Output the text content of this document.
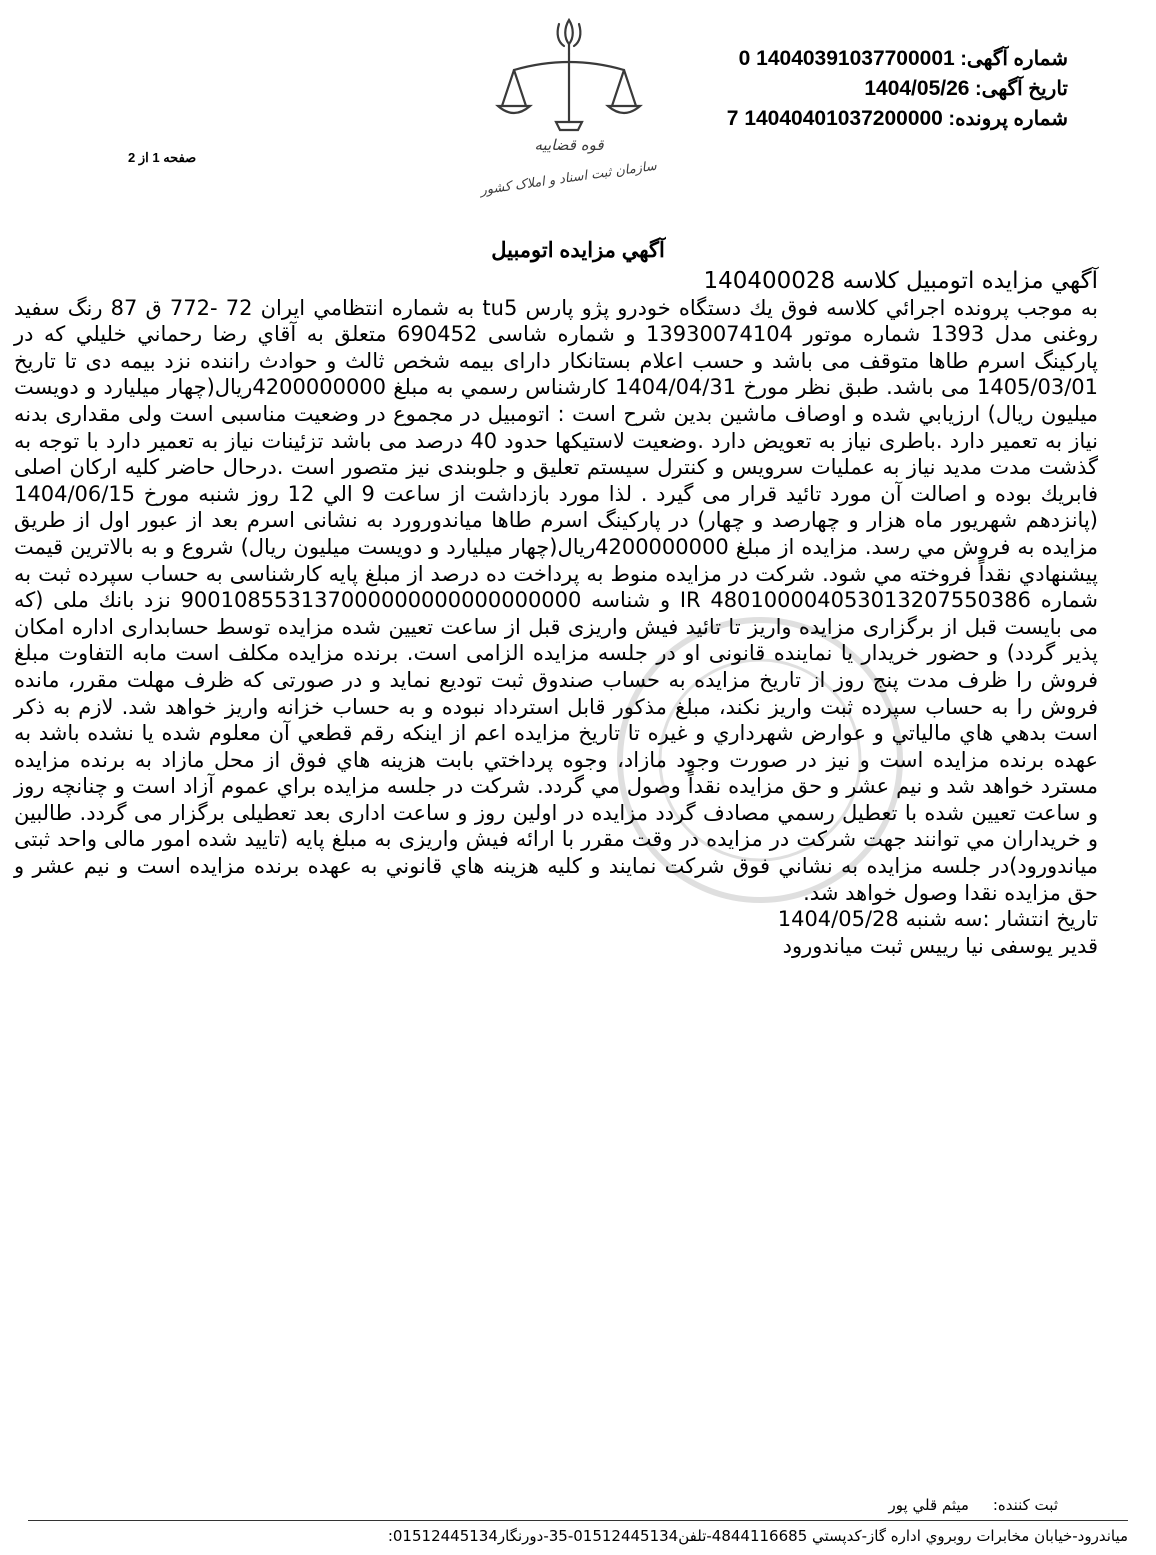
قوه قضاییه
سازمان ثبت اسناد و املاک کشور
شماره آگهی: 14040391037700001 0
تاریخ آگهی: 1404/05/26
شماره پرونده: 14040401037200000 7
صفحه 1 از 2
آگهي مزايده اتومبيل

آگهي مزايده اتومبيل كلاسه 140400028

به موجب پرونده اجرائي كلاسه فوق يك دستگاه خودرو پژو پارس tu5 به شماره انتظامي ايران 72 -772 ق 87 رنگ سفيد روغنی مدل 1393 شماره موتور 13930074104 و شماره شاسی 690452 متعلق به آقاي رضا رحماني خليلي كه در پاركينگ اسرم طاها متوقف می باشد و حسب اعلام بستانكار داراى بيمه شخص ثالث و حوادث راننده نزد بيمه دى تا تاريخ 1405/03/01 مى باشد. طبق نظر مورخ 1404/04/31 كارشناس رسمي به مبلغ 4200000000ريال(چهار ميليارد و دويست ميليون ريال) ارزيابي شده و اوصاف ماشين بدين شرح است : اتومبيل در مجموع در وضعيت مناسبى است ولى مقدارى بدنه نياز به تعمير دارد .باطرى نياز به تعويض دارد .وضعيت لاستيكها حدود 40 درصد می باشد تزئينات نياز به تعمير دارد با توجه به گذشت مدت مديد نياز به عمليات سرويس و كنترل سيستم تعليق و جلوبندى نيز متصور است .درحال حاضر كليه اركان اصلى فابريك بوده و اصالت آن مورد تائيد قرار مى گيرد . لذا مورد بازداشت از ساعت 9 الي 12 روز شنبه مورخ 1404/06/15 (پانزدهم شهريور ماه هزار و چهارصد و چهار) در پاركينگ اسرم طاها مياندورورد به نشانى اسرم بعد از عبور اول از طريق مزايده به فروش مي رسد. مزايده از مبلغ 4200000000ريال(چهار ميليارد و دويست ميليون ريال) شروع و به بالاترين قيمت پيشنهادي نقداً فروخته مي شود. شركت در مزايده منوط به پرداخت ده درصد از مبلغ پايه كارشناسى به حساب سپرده ثبت به شماره IR 480100004053013207550386 و شناسه 900108553137000000000000000000 نزد بانك ملى (كه مى بايست قبل از برگزارى مزايده واريز تا تائيد فيش واريزى قبل از ساعت تعيين شده مزايده توسط حسابدارى اداره امكان پذير گردد) و حضور خريدار يا نماينده قانونى او در جلسه مزايده الزامى است. برنده مزايده مكلف است مابه التفاوت مبلغ فروش را ظرف مدت پنج روز از تاريخ مزايده به حساب صندوق ثبت توديع نمايد و در صورتى كه ظرف مهلت مقرر، مانده فروش را به حساب سپرده ثبت واريز نكند، مبلغ مذكور قابل استرداد نبوده و به حساب خزانه واريز خواهد شد. لازم به ذكر است بدهي هاي مالياتي و عوارض شهرداري و غيره تا تاريخ مزايده اعم از اينكه رقم قطعي آن معلوم شده يا نشده باشد به عهده برنده مزايده است و نيز در صورت وجود مازاد، وجوه پرداختي بابت هزينه هاي فوق از محل مازاد به برنده مزايده مسترد خواهد شد و نيم عشر و حق مزايده نقداً وصول مي گردد. شركت در جلسه مزايده براي عموم آزاد است و چنانچه روز و ساعت تعيين شده با تعطيل رسمي مصادف گردد مزايده در اولين روز و ساعت ادارى بعد تعطيلى برگزار مى گردد. طالبين و خريداران مي توانند جهت شركت در مزايده در وقت مقرر با ارائه فيش واريزى به مبلغ پايه (تاييد شده امور مالى واحد ثبتى مياندورود)در جلسه مزايده به نشاني فوق شركت نمايند و كليه هزينه هاي قانوني به عهده برنده مزايده است و نيم عشر و حق مزايده نقدا وصول خواهد شد.

تاريخ انتشار :سه شنبه 1404/05/28

قدير يوسفى نيا رييس ثبت مياندورود

ثبت كننده:     ميثم قلي پور
مياندرود-خيابان مخابرات روبروي اداره گاز-كدپستي 4844116685-تلفن01512445134-35-دورنگار01512445134:
